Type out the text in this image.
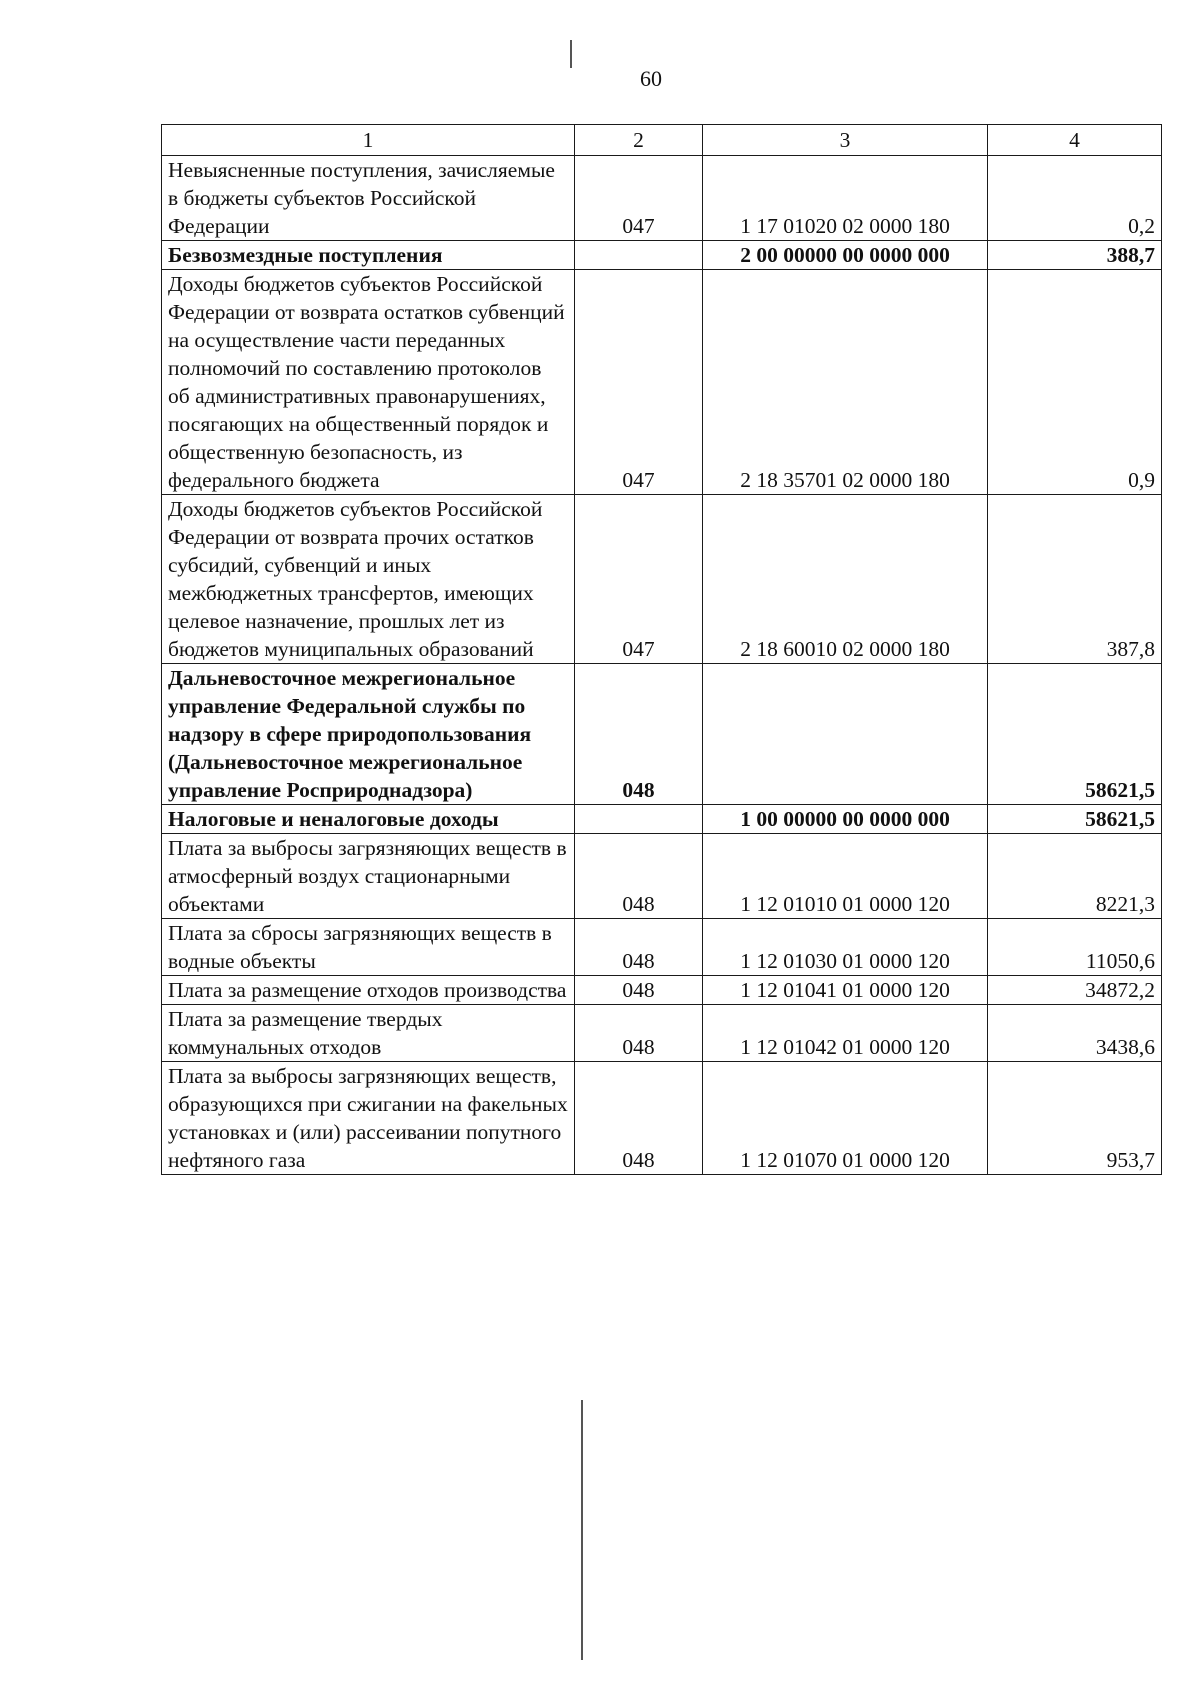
60
1	2	3	4
Невыясненные поступления, зачисляемые в бюджеты субъектов Российской Федерации	047	1 17 01020 02 0000 180	0,2
Безвозмездные поступления		2 00 00000 00 0000 000	388,7
Доходы бюджетов субъектов Российской Федерации от возврата остатков субвенций на осуществление части переданных полномочий по составлению протоколов об административных правонарушениях, посягающих на общественный порядок и общественную безопасность, из федерального бюджета	047	2 18 35701 02 0000 180	0,9
Доходы бюджетов субъектов Российской Федерации от возврата прочих остатков субсидий, субвенций и иных межбюджетных трансфертов, имеющих целевое назначение, прошлых лет из бюджетов муниципальных образований	047	2 18 60010 02 0000 180	387,8
Дальневосточное межрегиональное управление Федеральной службы по надзору в сфере природопользования (Дальневосточное межрегиональное управление Росприроднадзора)	048		58621,5
Налоговые и неналоговые доходы		1 00 00000 00 0000 000	58621,5
Плата за выбросы загрязняющих веществ в атмосферный воздух стационарными объектами	048	1 12 01010 01 0000 120	8221,3
Плата за сбросы загрязняющих веществ в водные объекты	048	1 12 01030 01 0000 120	11050,6
Плата за размещение отходов производства	048	1 12 01041 01 0000 120	34872,2
Плата за размещение твердых коммунальных отходов	048	1 12 01042 01 0000 120	3438,6
Плата за выбросы загрязняющих веществ, образующихся при сжигании на факельных установках и (или) рассеивании попутного нефтяного газа	048	1 12 01070 01 0000 120	953,7
